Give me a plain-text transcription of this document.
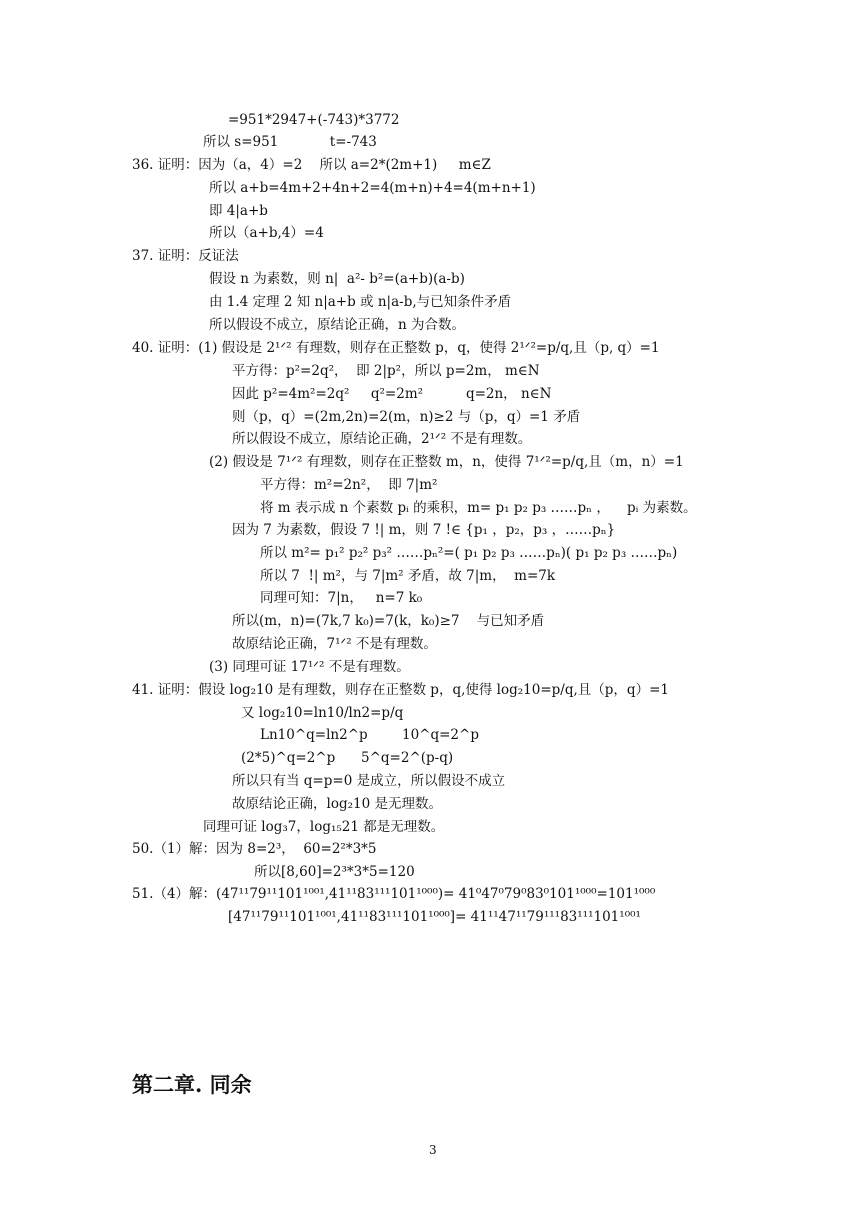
=951*2947+(-743)*3772
所以 s=951            t=-743
36. 证明：因为（a，4）=2    所以 a=2*(2m+1)     m∈Z
所以 a+b=4m+2+4n+2=4(m+n)+4=4(m+n+1)
即 4|a+b
所以（a+b,4）=4
37. 证明：反证法
假设 n 为素数，则 n|  a²- b²=(a+b)(a-b)
由 1.4 定理 2 知 n|a+b 或 n|a-b,与已知条件矛盾
所以假设不成立，原结论正确，n 为合数。
40. 证明：(1) 假设是 2¹ᐟ² 有理数，则存在正整数 p，q，使得 2¹ᐟ²=p/q,且（p, q）=1
平方得：p²=2q²，  即 2|p²，所以 p=2m， m∈N
因此 p²=4m²=2q²     q²=2m²          q=2n， n∈N
则（p，q）=(2m,2n)=2(m，n)≥2 与（p，q）=1 矛盾
所以假设不成立，原结论正确，2¹ᐟ² 不是有理数。
(2) 假设是 7¹ᐟ² 有理数，则存在正整数 m，n，使得 7¹ᐟ²=p/q,且（m，n）=1
平方得：m²=2n²，  即 7|m²
将 m 表示成 n 个素数 pᵢ 的乘积，m= p₁ p₂ p₃ ……pₙ ，    pᵢ 为素数。
因为 7 为素数，假设 7 !| m，则 7 !∈ {p₁ ，p₂，p₃ ，……pₙ}
所以 m²= p₁² p₂² p₃² ……pₙ²=( p₁ p₂ p₃ ……pₙ)( p₁ p₂ p₃ ……pₙ)
所以 7  !| m²，与 7|m² 矛盾，故 7|m，  m=7k
同理可知：7|n，   n=7 k₀
所以(m，n)=(7k,7 k₀)=7(k，k₀)≥7    与已知矛盾
故原结论正确，7¹ᐟ² 不是有理数。
(3) 同理可证 17¹ᐟ² 不是有理数。
41. 证明：假设 log₂10 是有理数，则存在正整数 p，q,使得 log₂10=p/q,且（p，q）=1
又 log₂10=ln10/ln2=p/q
Ln10^q=ln2^p        10^q=2^p
(2*5)^q=2^p      5^q=2^(p-q)
所以只有当 q=p=0 是成立，所以假设不成立
故原结论正确，log₂10 是无理数。
同理可证 log₃7，log₁₅21 都是无理数。
50.（1）解：因为 8=2³，  60=2²*3*5
所以[8,60]=2³*3*5=120
51.（4）解：(47¹¹79¹¹101¹⁰⁰¹,41¹¹83¹¹¹101¹⁰⁰⁰)= 41⁰47⁰79⁰83⁰101¹⁰⁰⁰=101¹⁰⁰⁰
[47¹¹79¹¹101¹⁰⁰¹,41¹¹83¹¹¹101¹⁰⁰⁰]= 41¹¹47¹¹79¹¹¹83¹¹¹101¹⁰⁰¹
第二章. 同余
3
